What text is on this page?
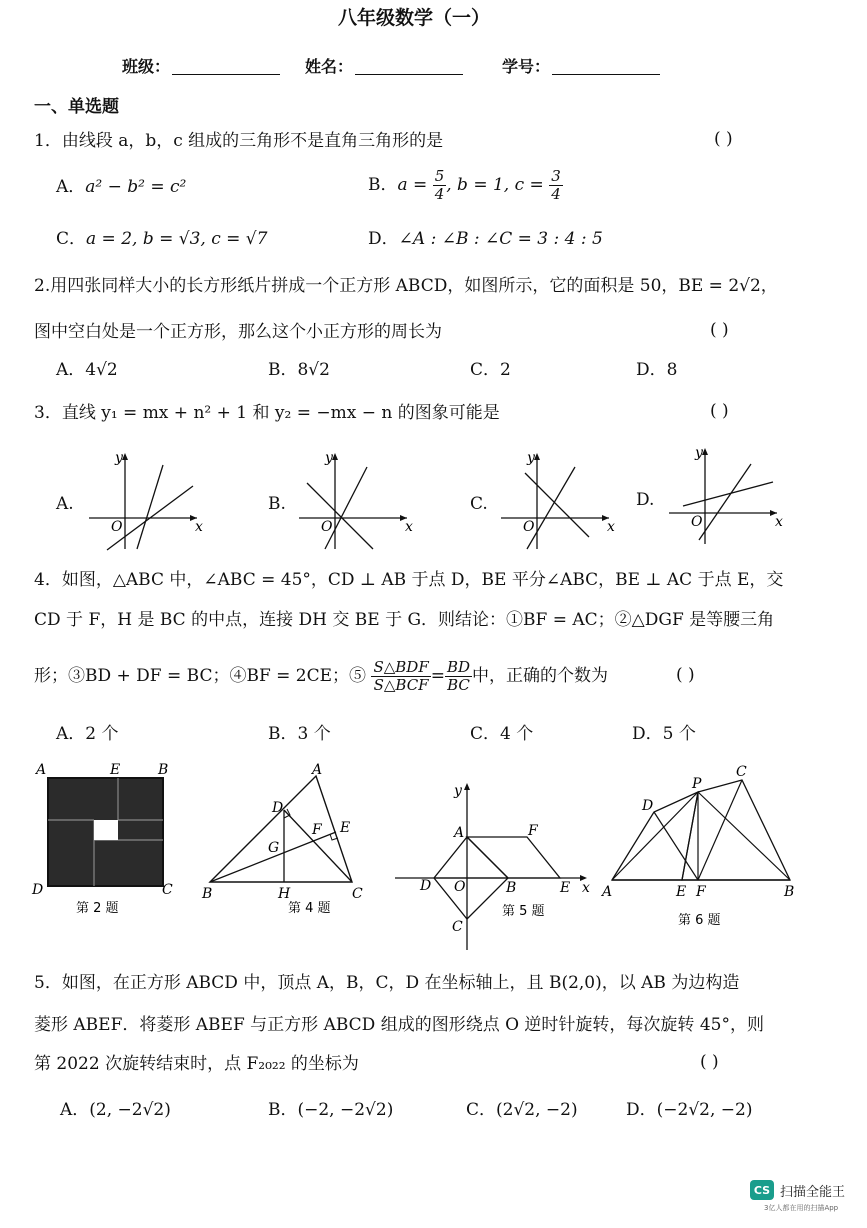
八年级数学（一）
班级：	姓名：	学号：
一、单选题
1．由线段 a，b，c 组成的三角形不是直角三角形的是	( )
A．a² − b² = c²	B．$a = \frac{5}{4}$ , b = 1, $c = \frac{3}{4}$
C．a = 2, b = √3, c = √7	D．∠A : ∠B : ∠C = 3 : 4 : 5
2.用四张同样大小的长方形纸片拼成一个正方形 ABCD，如图所示，它的面积是 50，BE = 2√2，
图中空白处是一个正方形，那么这个小正方形的周长为	( )
A．4√2	B．8√2	C．2	D．8
3．直线 y₁ = mx + n² + 1 和 y₂ = −mx − n 的图象可能是	( )
A.
x
y
O
B.
x
y
O
C.
x
y
O
D.
x
y
O
4．如图，△ABC 中，∠ABC = 45°，CD ⊥ AB 于点 D，BE 平分∠ABC，BE ⊥ AC 于点 E，交
CD 于 F，H 是 BC 的中点，连接 DH 交 BE 于 G．则结论：①BF = AC；②△DGF 是等腰三角
形；③BD + DF = BC；④BF = 2CE；⑤ $\frac{\text{S△BDF}}{\text{S△BCF}} = \frac{BD}{BC}$ 中，正确的个数为	( )
A．2 个	B．3 个	C．4 个	D．5 个
A	E	B
D	C
第 2 题
A
D
E
F
G
B	H	C
第 4 题
y
A	F
D O	B	E x
C
第 5 题
C
P
D
A	E F	B
第 6 题
5．如图，在正方形 ABCD 中，顶点 A，B，C，D 在坐标轴上，且 B(2,0)，以 AB 为边构造
菱形 ABEF．将菱形 ABEF 与正方形 ABCD 组成的图形绕点 O 逆时针旋转，每次旋转 45°，则
第 2022 次旋转结束时，点 F₂₀₂₂ 的坐标为	( )
A．(2, −2√2)	B．(−2, −2√2)	C．(2√2, −2)	D．(−2√2, −2)
CS 扫描全能王
3亿人都在用的扫描App
